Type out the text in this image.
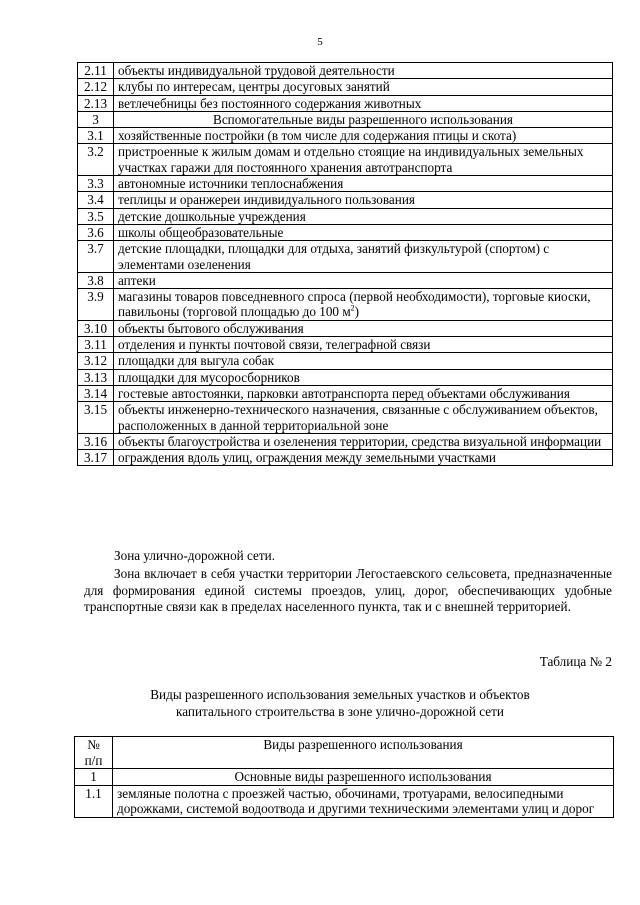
5
2.11	объекты индивидуальной трудовой деятельности
2.12	клубы по интересам, центры досуговых занятий
2.13	ветлечебницы без постоянного содержания животных
3	Вспомогательные виды разрешенного использования
3.1	хозяйственные постройки (в том числе для содержания птицы и скота)
3.2	пристроенные к жилым домам и отдельно стоящие на индивидуальных земельных участках гаражи для постоянного хранения автотранспорта
3.3	автономные источники теплоснабжения
3.4	теплицы и оранжереи индивидуального пользования
3.5	детские дошкольные учреждения
3.6	школы общеобразовательные
3.7	детские площадки, площадки для отдыха, занятий физкультурой (спортом) с элементами озеленения
3.8	аптеки
3.9	магазины товаров повседневного спроса (первой необходимости), торговые киоски, павильоны (торговой площадью до 100 $м^2$)
3.10	объекты бытового обслуживания
3.11	отделения и пункты почтовой связи, телеграфной связи
3.12	площадки для выгула собак
3.13	площадки для мусоросборников
3.14	гостевые автостоянки, парковки автотранспорта перед объектами обслуживания
3.15	объекты инженерно-технического назначения, связанные с обслуживанием объектов, расположенных в данной территориальной зоне
3.16	объекты благоустройства и озеленения территории, средства визуальной информации
3.17	ограждения вдоль улиц, ограждения между земельными участками
Зона улично-дорожной сети.
Зона включает в себя участки территории Легостаевского сельсовета, предназначенные для формирования единой системы проездов, улиц, дорог, обеспечивающих удобные транспортные связи как в пределах населенного пункта, так и с внешней территорией.
Таблица № 2
Виды разрешенного использования земельных участков и объектов
капитального строительства в зоне улично-дорожной сети
№
п/п	Виды разрешенного использования
1	Основные виды разрешенного использования
1.1	земляные полотна с проезжей частью, обочинами, тротуарами, велосипедными дорожками, системой водоотвода и другими техническими элементами улиц и дорог
